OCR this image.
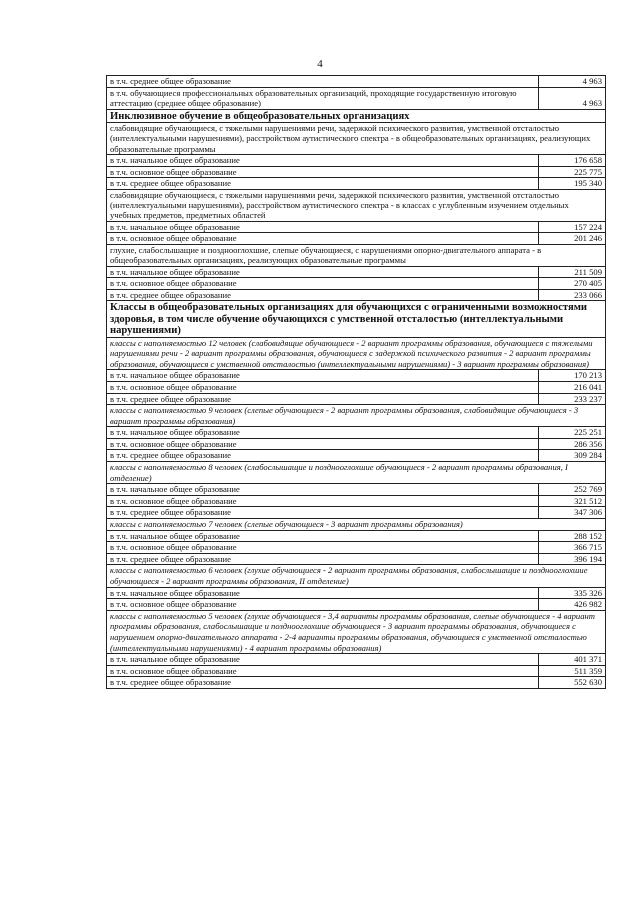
4
в т.ч. среднее общее образование	4 963
в т.ч. обучающиеся профессиональных образовательных организаций, проходящие государственную итоговую аттестацию (среднее общее образование)	4 963
Инклюзивное обучение в общеобразовательных организациях	
слабовидящие обучающиеся, с тяжелыми нарушениями речи, задержкой психического развития, умственной отсталостью (интеллектуальными нарушениями), расстройством аутистического спектра - в общеобразовательных организациях, реализующих образовательные программы	
в т.ч. начальное общее образование	176 658
в т.ч. основное общее образование	225 775
в т.ч. среднее общее образование	195 340
слабовидящие обучающиеся, с тяжелыми нарушениями речи, задержкой психического развития, умственной отсталостью (интеллектуальными нарушениями), расстройством аутистического спектра - в классах с углубленным изучением отдельных учебных предметов, предметных областей	
в т.ч. начальное общее образование	157 224
в т.ч. основное общее образование	201 246
глухие, слабослышащие и позднооглохшие, слепые обучающиеся, с нарушениями опорно-двигательного аппарата - в общеобразовательных организациях, реализующих образовательные программы	
в т.ч. начальное общее образование	211 509
в т.ч. основное общее образование	270 405
в т.ч. среднее общее образование	233 066
Классы в общеобразовательных организациях для обучающихся с ограниченными возможностями здоровья, в том числе обучение обучающихся с умственной отсталостью (интеллектуальными нарушениями)	
классы с наполняемостью 12 человек (слабовидящие обучающиеся - 2 вариант программы образования, обучающиеся с тяжелыми нарушениями речи - 2 вариант программы образования, обучающиеся с задержкой психического развития - 2 вариант программы образования, обучающиеся с умственной отсталостью (интеллектуальными нарушениями) - 3 вариант программы образования)	
в т.ч. начальное общее образование	170 213
в т.ч. основное общее образование	216 041
в т.ч. среднее общее образование	233 237
классы с наполняемостью 9 человек (слепые обучающиеся - 2 вариант программы образования, слабовидящие обучающиеся - 3 вариант программы образования)	
в т.ч. начальное общее образование	225 251
в т.ч. основное общее образование	286 356
в т.ч. среднее общее образование	309 284
классы с наполняемостью 8 человек (слабослышащие и позднооглохшие обучающиеся - 2 вариант программы образования, I отделение)	
в т.ч. начальное общее образование	252 769
в т.ч. основное общее образование	321 512
в т.ч. среднее общее образование	347 306
классы с наполняемостью 7 человек (слепые обучающиеся - 3 вариант программы образования)	
в т.ч. начальное общее образование	288 152
в т.ч. основное общее образование	366 715
в т.ч. среднее общее образование	396 194
классы с наполняемостью 6 человек (глухие обучающиеся - 2 вариант программы образования, слабослышащие и позднооглохшие обучающиеся - 2 вариант программы образования, II отделение)	
в т.ч. начальное общее образование	335 326
в т.ч. основное общее образование	426 982
классы с наполняемостью 5 человек (глухие обучающиеся - 3,4 варианты программы образования, слепые обучающиеся - 4 вариант программы образования, слабослышащие и позднооглохшие обучающиеся - 3 вариант программы образования, обучающиеся с нарушением опорно-двигательного аппарата - 2-4 варианты программы образования, обучающиеся с умственной отсталостью (интеллектуальными нарушениями) - 4 вариант программы образования)	
в т.ч. начальное общее образование	401 371
в т.ч. основное общее образование	511 359
в т.ч. среднее общее образование	552 630
